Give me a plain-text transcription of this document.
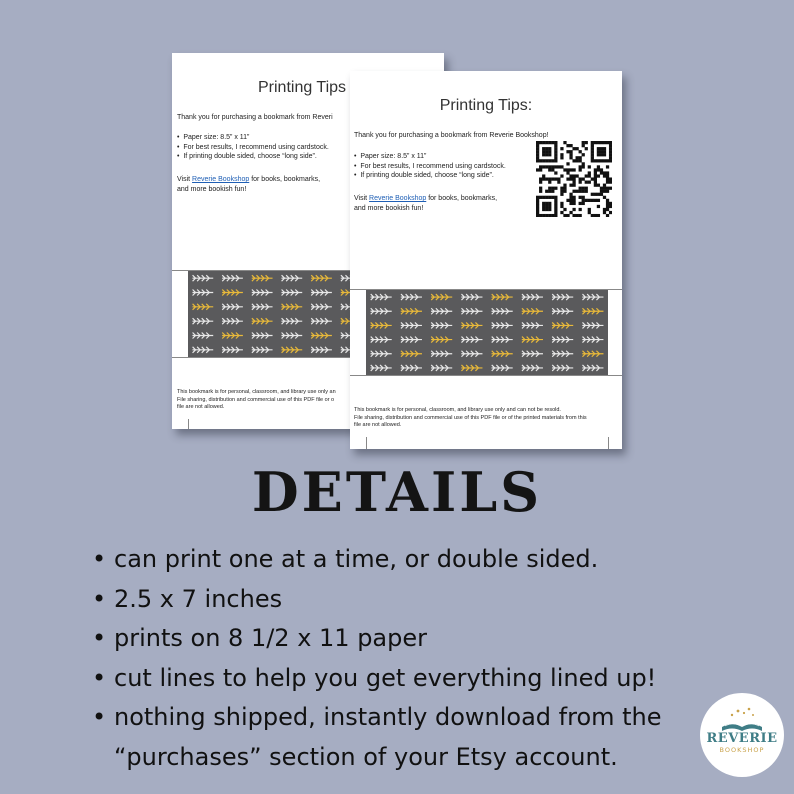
Printing Tips
Thank you for purchasing a bookmark from Reveri
•  Paper size: 8.5” x 11”
•  For best results, I recommend using cardstock.
•  If printing double sided, choose “long side”.
Visit Reverie Bookshop for books, bookmarks,
and more bookish fun!
This bookmark is for personal, classroom, and library use only an
File sharing, distribution and commercial use of this PDF file or o
file are not allowed.
Printing Tips:
Thank you for purchasing a bookmark from Reverie Bookshop!
•  Paper size: 8.5” x 11”
•  For best results, I recommend using cardstock.
•  If printing double sided, choose “long side”.
Visit Reverie Bookshop for books, bookmarks,
and more bookish fun!
This bookmark is for personal, classroom, and library use only and can not be resold.
File sharing, distribution and commercial use of this PDF file or of the printed materials from this
file are not allowed.
DETAILS
• can print one at a time, or double sided.
• 2.5 x 7 inches
• prints on 8 1/2 x 11 paper
• cut lines to help you get everything lined up!
• nothing shipped, instantly download from the
“purchases” section of your Etsy account.
REVERIE
BOOKSHOP
